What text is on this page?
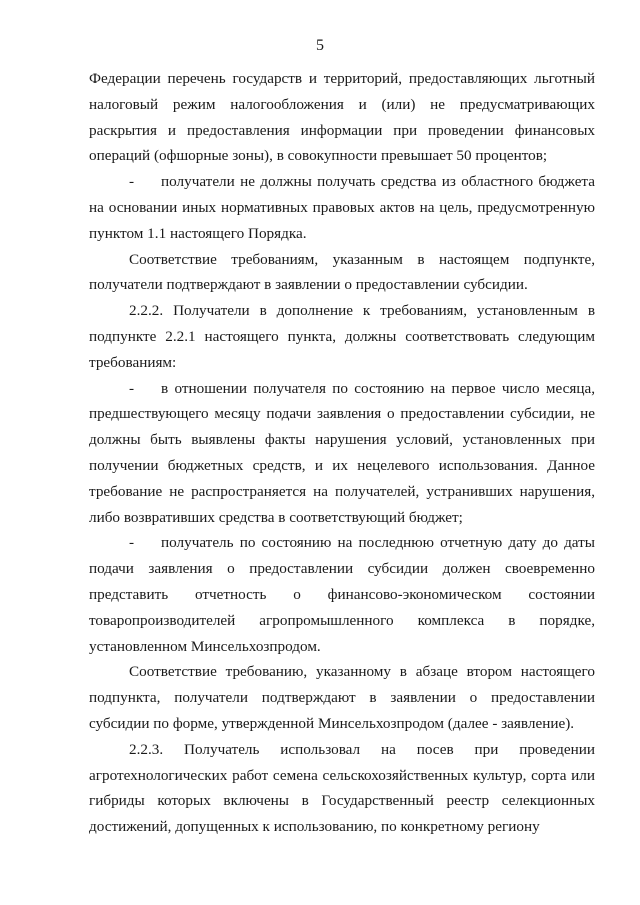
5

Федерации перечень государств и территорий, предоставляющих льготный налоговый режим налогообложения и (или) не предусматривающих раскрытия и предоставления информации при проведении финансовых операций (офшорные зоны), в совокупности превышает 50 процентов;

- получатели не должны получать средства из областного бюджета на основании иных нормативных правовых актов на цель, предусмотренную пунктом 1.1 настоящего Порядка.

Соответствие требованиям, указанным в настоящем подпункте, получатели подтверждают в заявлении о предоставлении субсидии.

2.2.2. Получатели в дополнение к требованиям, установленным в подпункте 2.2.1 настоящего пункта, должны соответствовать следующим требованиям:

- в отношении получателя по состоянию на первое число месяца, предшествующего месяцу подачи заявления о предоставлении субсидии, не должны быть выявлены факты нарушения условий, установленных при получении бюджетных средств, и их нецелевого использования. Данное требование не распространяется на получателей, устранивших нарушения, либо возвративших средства в соответствующий бюджет;

- получатель по состоянию на последнюю отчетную дату до даты подачи заявления о предоставлении субсидии должен своевременно представить отчетность о финансово-экономическом состоянии товаропроизводителей агропромышленного комплекса в порядке, установленном Минсельхозпродом.

Соответствие требованию, указанному в абзаце втором настоящего подпункта, получатели подтверждают в заявлении о предоставлении субсидии по форме, утвержденной Минсельхозпродом (далее - заявление).

2.2.3. Получатель использовал на посев при проведении агротехнологических работ семена сельскохозяйственных культур, сорта или гибриды которых включены в Государственный реестр селекционных достижений, допущенных к использованию, по конкретному региону
